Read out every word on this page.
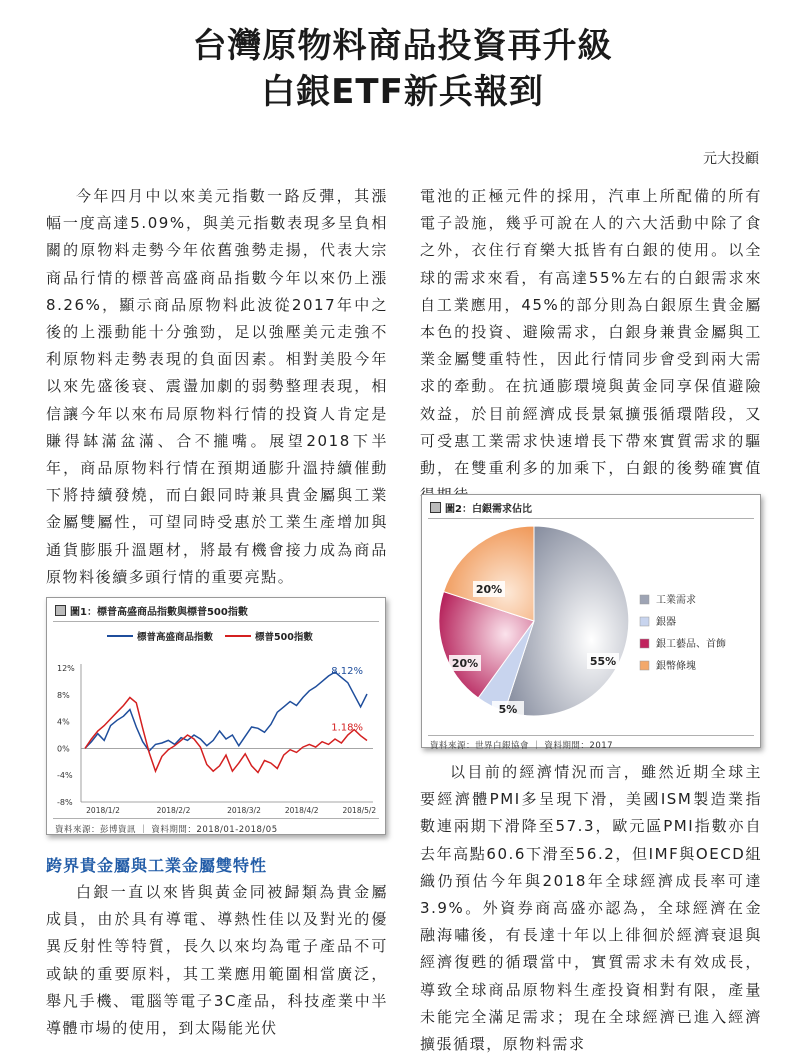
台灣原物料商品投資再升級
白銀ETF新兵報到
元大投顧

今年四月中以來美元指數一路反彈，其漲幅一度高達5.09%，與美元指數表現多呈負相關的原物料走勢今年依舊強勢走揚，代表大宗商品行情的標普高盛商品指數今年以來仍上漲8.26%，顯示商品原物料此波從2017年中之後的上漲動能十分強勁，足以強壓美元走強不利原物料走勢表現的負面因素。相對美股今年以來先盛後衰、震盪加劇的弱勢整理表現，相信讓今年以來布局原物料行情的投資人肯定是賺得缽滿盆滿、合不攏嘴。展望2018下半年，商品原物料行情在預期通膨升溫持續催動下將持續發燒，而白銀同時兼具貴金屬與工業金屬雙屬性，可望同時受惠於工業生產增加與通貨膨脹升溫題材，將最有機會接力成為商品原物料後續多頭行情的重要亮點。

圖1：標普高盛商品指數與標普500指數
標普高盛商品指數	標普500指數
12%
8%
4%
0%
-4%
-8%
2018/1/2	2018/2/2	2018/3/2	2018/4/2	2018/5/2
8.12%
1.18%
資料來源：彭博資訊 ｜ 資料期間：2018/01-2018/05
跨界貴金屬與工業金屬雙特性

白銀一直以來皆與黃金同被歸類為貴金屬成員，由於具有導電、導熱性佳以及對光的優異反射性等特質，長久以來均為電子產品不可或缺的重要原料，其工業應用範圍相當廣泛，舉凡手機、電腦等電子3C產品，科技產業中半導體市場的使用，到太陽能光伏

電池的正極元件的採用，汽車上所配備的所有電子設施，幾乎可說在人的六大活動中除了食之外，衣住行育樂大抵皆有白銀的使用。以全球的需求來看，有高達55%左右的白銀需求來自工業應用，45%的部分則為白銀原生貴金屬本色的投資、避險需求，白銀身兼貴金屬與工業金屬雙重特性，因此行情同步會受到兩大需求的牽動。在抗通膨環境與黃金同享保值避險效益，於目前經濟成長景氣擴張循環階段，又可受惠工業需求快速增長下帶來實質需求的驅動，在雙重利多的加乘下，白銀的後勢確實值

圖2：白銀需求佔比
55%
5%
20%
20%
工業需求
銀器
銀工藝品、首飾
銀幣條塊
資料來源：世界白銀協會 ｜ 資料期間：2017

以目前的經濟情況而言，雖然近期全球主要經濟體PMI多呈現下滑，美國ISM製造業指數連兩期下滑降至57.3，歐元區PMI指數亦自去年高點60.6下滑至56.2，但IMF與OECD組織仍預估今年與2018年全球經濟成長率可達3.9%。外資券商高盛亦認為，全球經濟在金融海嘯後，有長達十年以上徘徊於經濟衰退與經濟復甦的循環當中，實質需求未有效成長，導致全球商品原物料生產投資相對有限，產量未能完全滿足需求；現在全球經濟已進入經濟擴張循環，原物料需求
